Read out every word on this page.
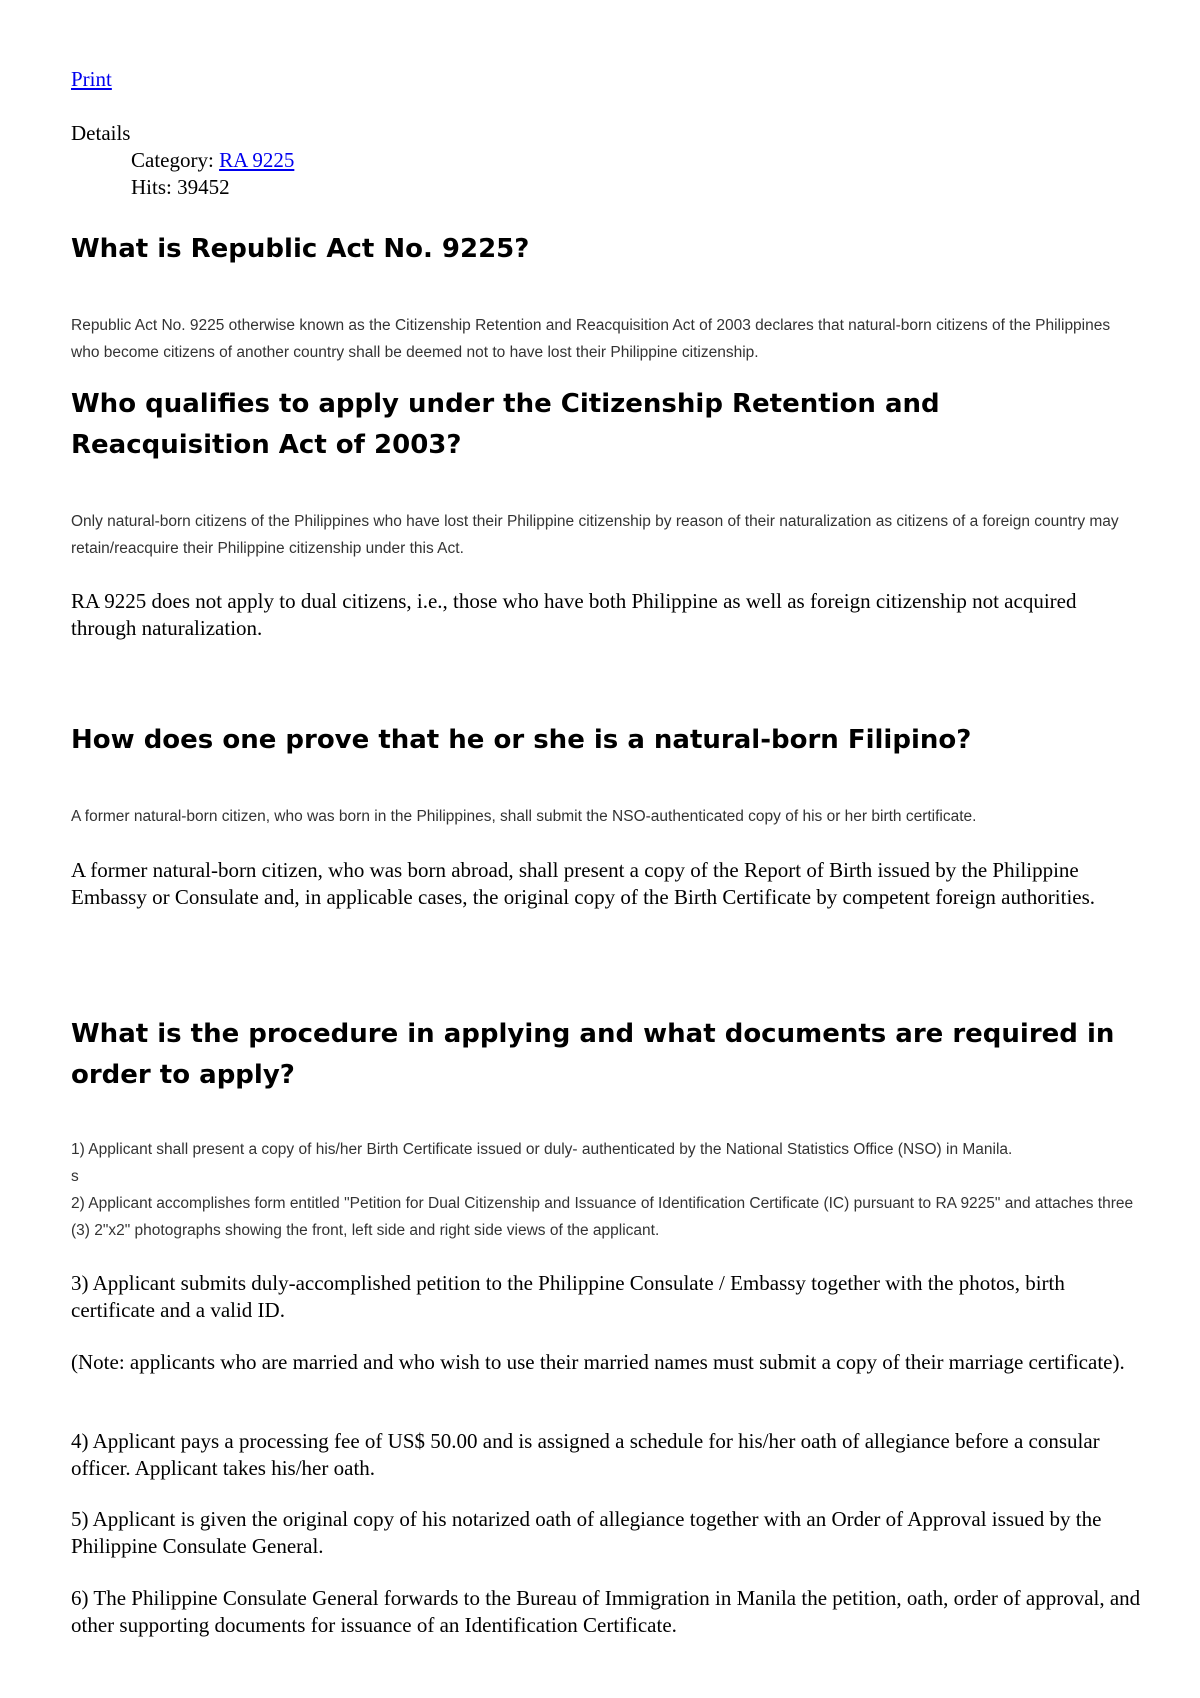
Print
Details
Category: RA 9225
Hits: 39452
What is Republic Act No. 9225?

Republic Act No. 9225 otherwise known as the Citizenship Retention and Reacquisition Act of 2003 declares that natural-born citizens of the Philippines who become citizens of another country shall be deemed not to have lost their Philippine citizenship.

Who qualifies to apply under the Citizenship Retention and Reacquisition Act of 2003?

Only natural-born citizens of the Philippines who have lost their Philippine citizenship by reason of their naturalization as citizens of a foreign country may retain/reacquire their Philippine citizenship under this Act.

RA 9225 does not apply to dual citizens, i.e., those who have both Philippine as well as foreign citizenship not acquired through naturalization.

How does one prove that he or she is a natural-born Filipino?

A former natural-born citizen, who was born in the Philippines, shall submit the NSO-authenticated copy of his or her birth certificate.

A former natural-born citizen, who was born abroad, shall present a copy of the Report of Birth issued by the Philippine Embassy or Consulate and, in applicable cases, the original copy of the Birth Certificate by competent foreign authorities.

What is the procedure in applying and what documents are required in order to apply?

1) Applicant shall present a copy of his/her Birth Certificate issued or duly- authenticated by the National Statistics Office (NSO) in Manila.

s

2) Applicant accomplishes form entitled "Petition for Dual Citizenship and Issuance of Identification Certificate (IC) pursuant to RA 9225" and attaches three (3) 2"x2" photographs showing the front, left side and right side views of the applicant.

3) Applicant submits duly-accomplished petition to the Philippine Consulate / Embassy together with the photos, birth certificate and a valid ID.

(Note: applicants who are married and who wish to use their married names must submit a copy of their marriage certificate).

4) Applicant pays a processing fee of US$ 50.00 and is assigned a schedule for his/her oath of allegiance before a consular officer. Applicant takes his/her oath.

5) Applicant is given the original copy of his notarized oath of allegiance together with an Order of Approval issued by the Philippine Consulate General.

6) The Philippine Consulate General forwards to the Bureau of Immigration in Manila the petition, oath, order of approval, and other supporting documents for issuance of an Identification Certificate.
